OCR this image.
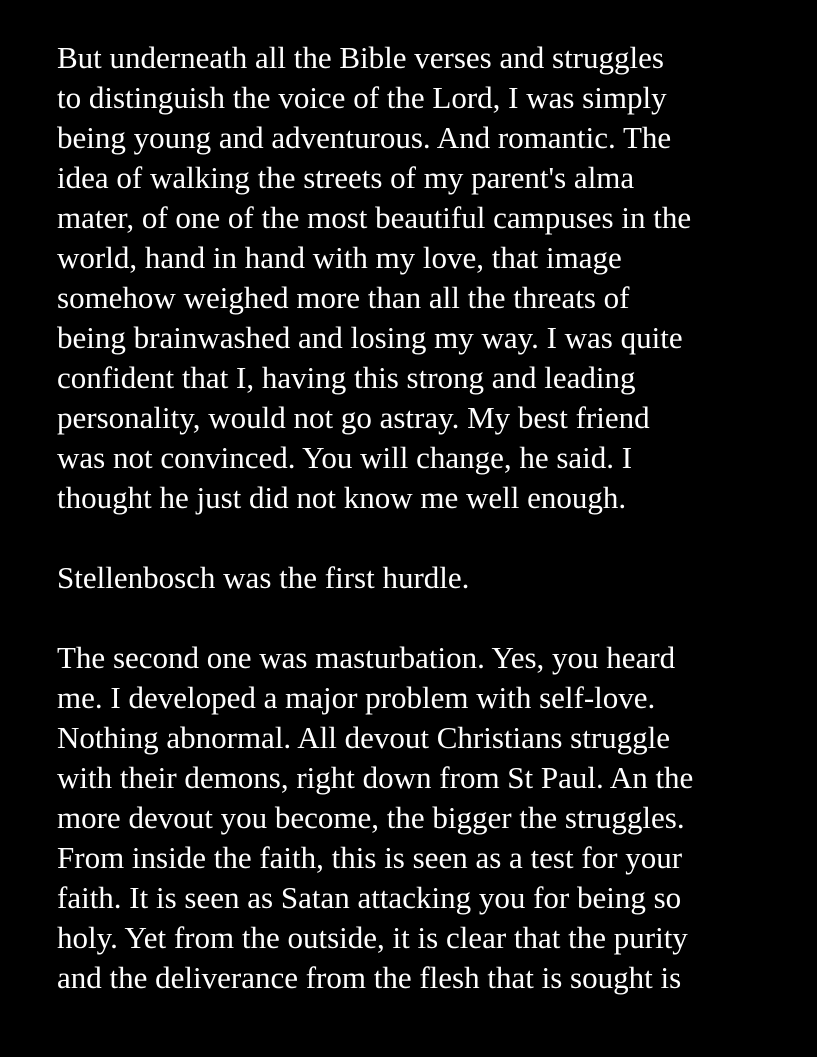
But underneath all the Bible verses and struggles
to distinguish the voice of the Lord, I was simply
being young and adventurous. And romantic. The
idea of walking the streets of my parent's alma
mater, of one of the most beautiful campuses in the
world, hand in hand with my love, that image
somehow weighed more than all the threats of
being brainwashed and losing my way. I was quite
confident that I, having this strong and leading
personality, would not go astray. My best friend
was not convinced. You will change, he said. I
thought he just did not know me well enough.

Stellenbosch was the first hurdle.

The second one was masturbation. Yes, you heard
me. I developed a major problem with self-love.
Nothing abnormal. All devout Christians struggle
with their demons, right down from St Paul. An the
more devout you become, the bigger the struggles.
From inside the faith, this is seen as a test for your
faith. It is seen as Satan attacking you for being so
holy. Yet from the outside, it is clear that the purity
and the deliverance from the flesh that is sought is
